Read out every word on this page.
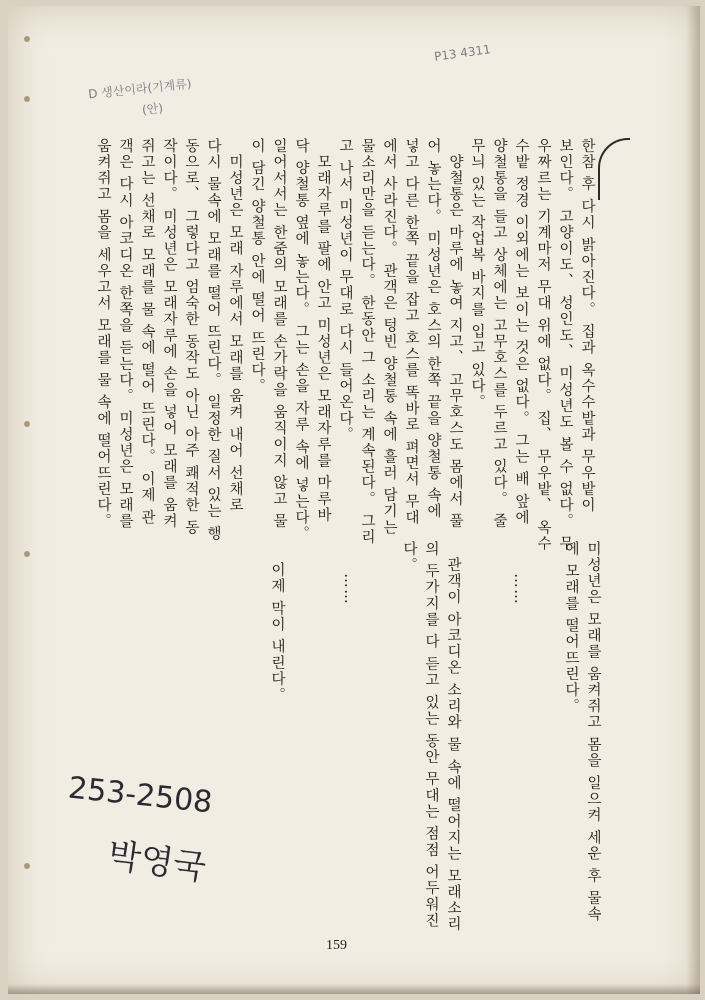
한참 후 다시 밝아진다。 집과 옥수수밭과 무우밭이
보인다。 고양이도、 성인도、 미성년도 볼 수 없다。 무
우짜르는 기계마저 무대 위에 없다。 집、 무우밭、 옥수
수밭 정경 이외에는 보이는 것은 없다。 그는 배 앞에
양철통을 들고 상체에는 고무호스를 두르고 있다。 줄
무늬 있는 작업복 바지를 입고 있다。
　양철통은 마루에 놓여 지고、 고무호스도 몸에서 풀
어 놓는다。 미성년은 호스의 한쪽 끝을 양철통 속에
넣고 다른 한쪽 끝을 잡고 호스를 똑바로 펴면서 무대
에서 사라진다。 관객은 텅빈 양철통 속에 흘러 담기는
물소리만을 듣는다。 한동안 그 소리는 계속된다。 그리
고 나서 미성년이 무대로 다시 들어온다。
　모래자루를 팔에 안고 미성년은 모래자루를 마루바
닥 양철통 옆에 놓는다。 그는 손을 자루 속에 넣는다。
일어서서는 한줌의 모래를 손가락을 움직이지 않고 물
이 담긴 양철통 안에 떨어 뜨린다。
　미성년은 모래 자루에서 모래를 움켜 내어 선채로
다시 물속에 모래를 떨어 뜨린다。 일정한 질서 있는 행
동으로、 그렇다고 엄숙한 동작도 아닌 아주 쾌적한 동
작이다。 미성년은 모래자루에 손을 넣어 모래를 움켜
쥐고는 선채로 모래를 물 속에 떨어 뜨린다。 이제 관
객은 다시 아코디온 한쪽을 듣는다。 미성년은 모래를
움켜쥐고 몸을 세우고서 모래를 물 속에 떨어뜨린다。
미성년은 모래를 움켜쥐고 몸을 일으켜 세운 후 물속
에 모래를 떨어뜨린다。
　　……
　관객이 아코디온 소리와 물 속에 떨어지는 모래소리
의 두가지를 다 듣고 있는 동안 무대는 점점 어두워진
다。
　　……
　이제 막이 내린다。
D 생산이라(기계류)
(안)
P13 4311
253-2508
박영국
159
